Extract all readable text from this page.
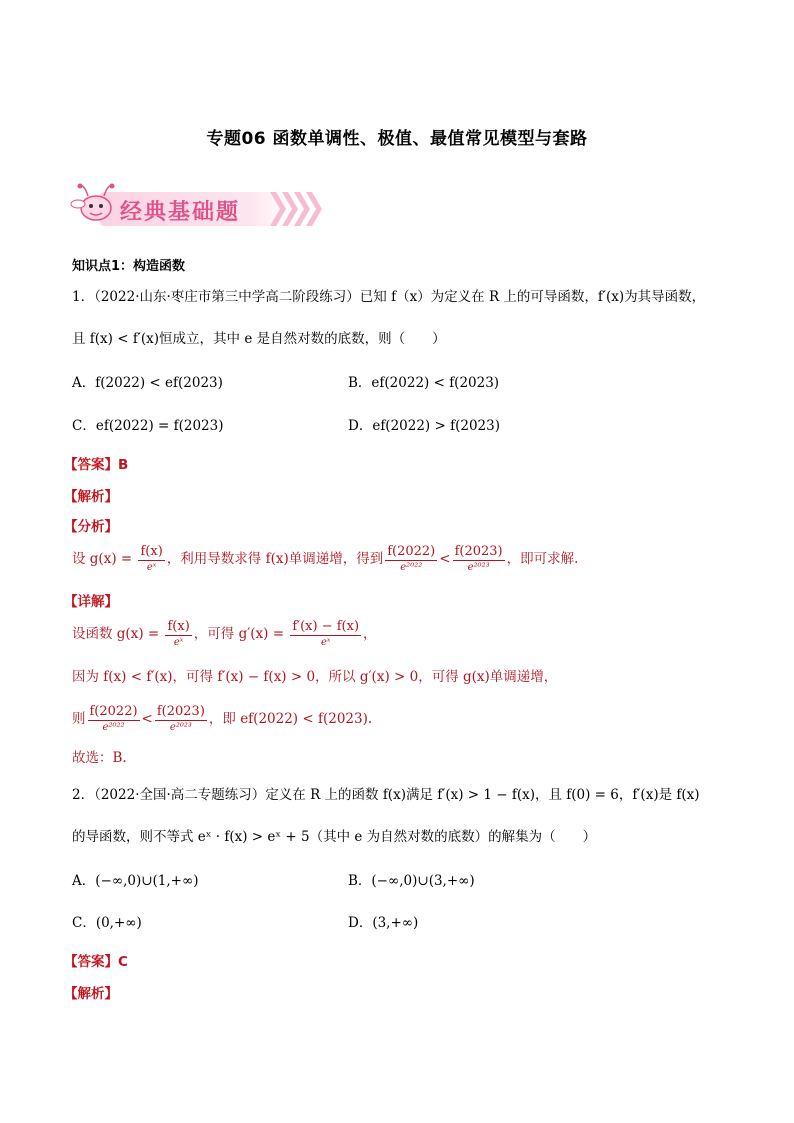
专题06 函数单调性、极值、最值常见模型与套路
经典基础题
知识点1：构造函数
1．（2022·山东·枣庄市第三中学高二阶段练习）已知 f（x）为定义在 R 上的可导函数，f′(x)为其导函数，
且 f(x) < f′(x)恒成立，其中 e 是自然对数的底数，则（　　）
A．f(2022) < ef(2023)	B．ef(2022) < f(2023)
C．ef(2022) = f(2023)	D．ef(2022) > f(2023)
【答案】B
【解析】
【分析】
设 $g(x) = \frac{f(x)}{\text{eˣ}}$ ，利用导数求得 f(x)单调递增，得到 $\frac{f(2022)}{\text{e²⁰²²}} < \frac{f(2023)}{\text{e²⁰²³}}$ ，即可求解.
【详解】
设函数 $g(x) = \frac{f(x)}{\text{eˣ}}$ ，可得 $g'(x) = \frac{f'(x) - f(x)}{\text{eˣ}}$ ，
因为 f(x) < f′(x)，可得 f′(x) − f(x) > 0，所以 g′(x) > 0，可得 g(x)单调递增，
则 $\frac{f(2022)}{\text{e²⁰²²}} < \frac{f(2023)}{\text{e²⁰²³}}$ ，即 ef(2022) < f(2023).
故选：B.
2．（2022·全国·高二专题练习）定义在 R 上的函数 f(x)满足 f′(x) > 1 − f(x)，且 f(0) = 6，f′(x)是 f(x)
的导函数，则不等式 eˣ · f(x) > eˣ + 5（其中 e 为自然对数的底数）的解集为（　　）
A．(−∞,0)∪(1,+∞)	B．(−∞,0)∪(3,+∞)
C．(0,+∞)	D．(3,+∞)
【答案】C
【解析】
